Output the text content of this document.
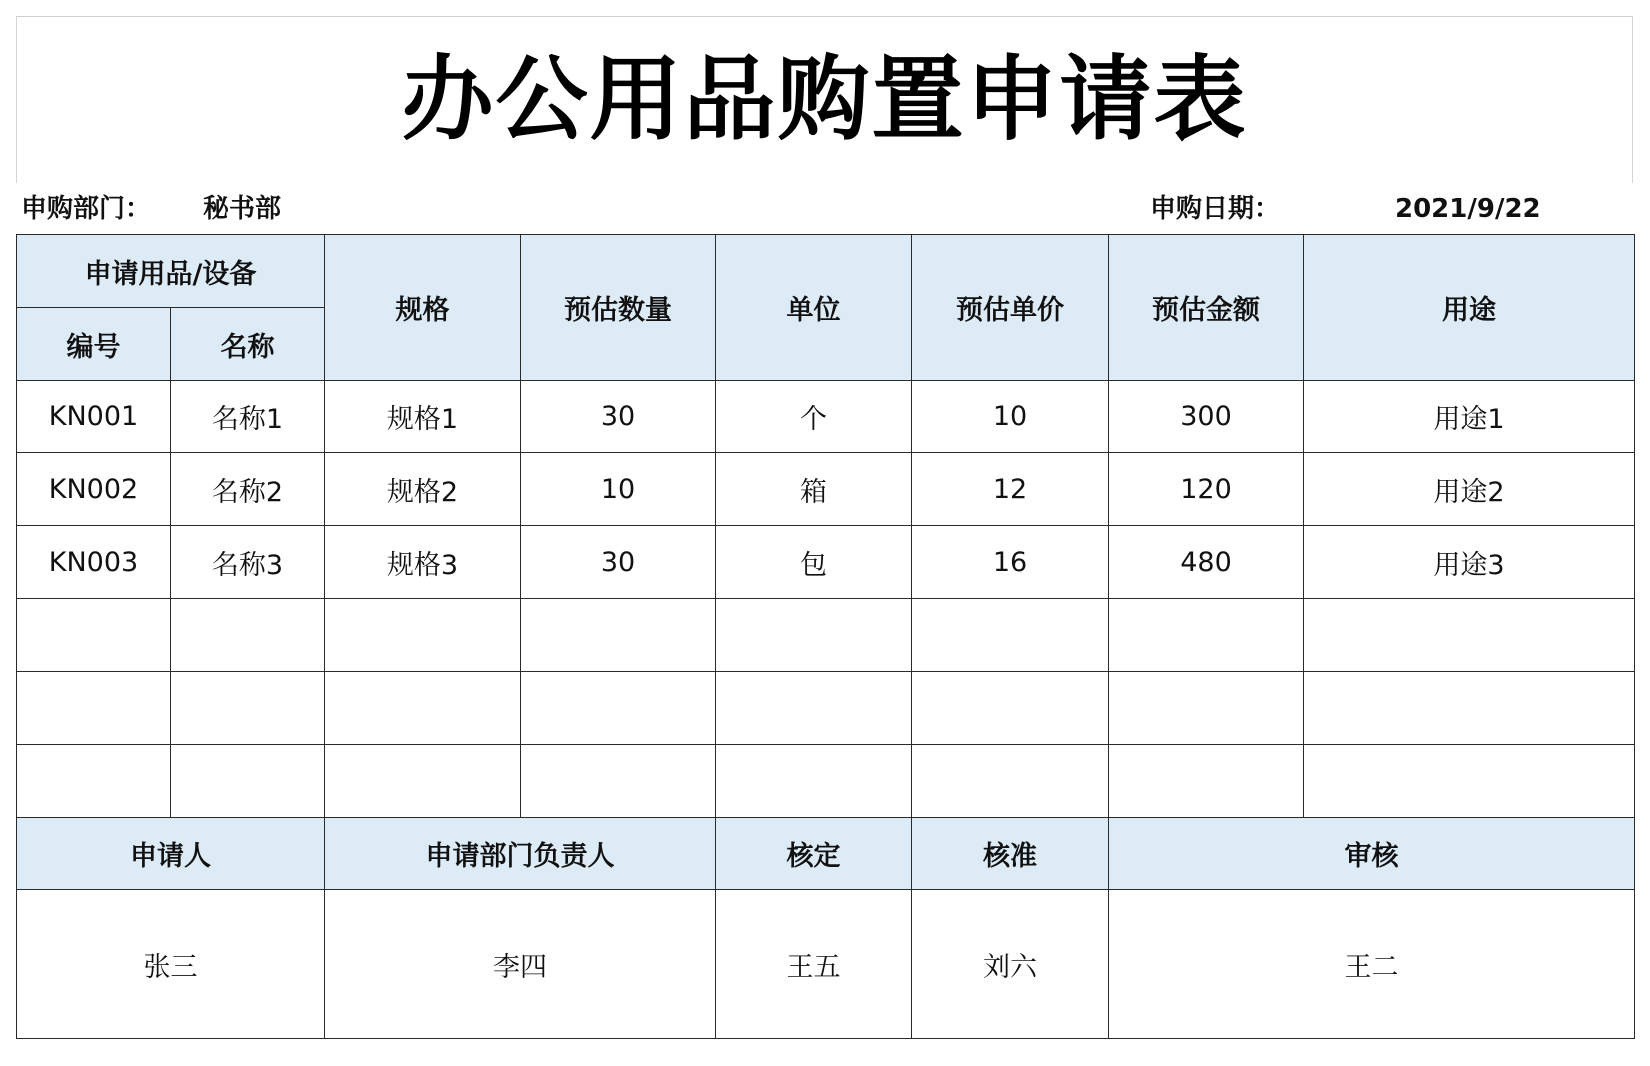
办公用品购置申请表
申购部门： 秘书部	申购日期：	2021/9/22
申请用品/设备		规格	预估数量	单位	预估单价	预估金额	用途
编号	名称						
KN001	名称1	规格1	30	个	10	300	用途1
KN002	名称2	规格2	10	箱	12	120	用途2
KN003	名称3	规格3	30	包	16	480	用途3

申请人		申请部门负责人		核定	核准	审核	
张三		李四		王五	刘六	王二	
